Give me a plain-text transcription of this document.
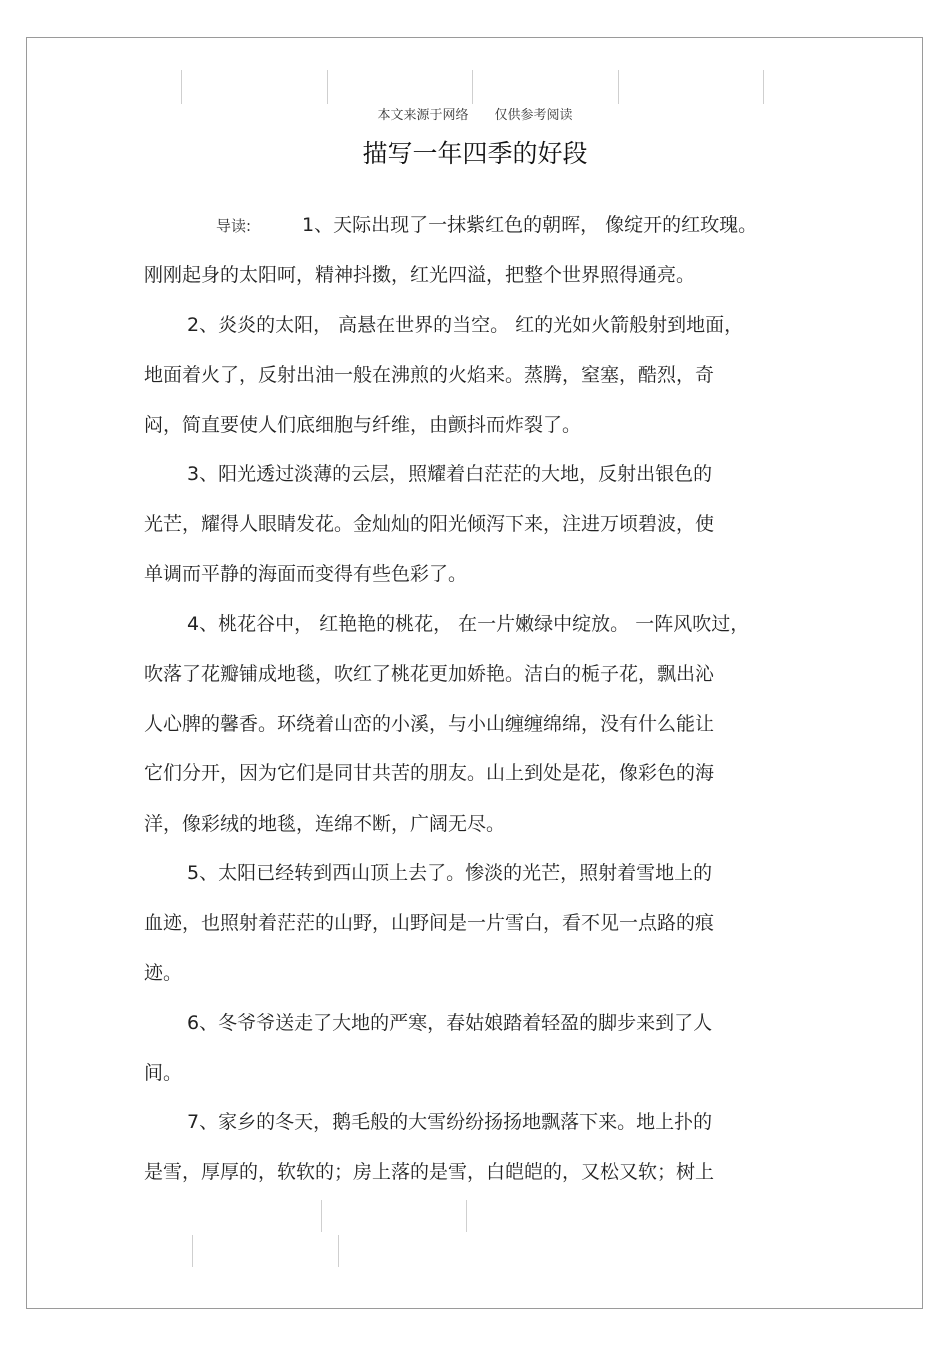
本文来源于网络 仅供参考阅读
描写一年四季的好段
导读:	1、天际出现了一抹紫红色的朝晖， 像绽开的红玫瑰。
刚刚起身的太阳呵，精神抖擞，红光四溢，把整个世界照得通亮。
2、炎炎的太阳， 高悬在世界的当空。 红的光如火箭般射到地面，
地面着火了，反射出油一般在沸煎的火焰来。蒸腾，窒塞，酷烈，奇
闷，简直要使人们底细胞与纤维，由颤抖而炸裂了。
3、阳光透过淡薄的云层，照耀着白茫茫的大地，反射出银色的
光芒，耀得人眼睛发花。金灿灿的阳光倾泻下来，注进万顷碧波，使
单调而平静的海面而变得有些色彩了。
4、桃花谷中， 红艳艳的桃花， 在一片嫩绿中绽放。 一阵风吹过，
吹落了花瓣铺成地毯，吹红了桃花更加娇艳。洁白的栀子花，飘出沁
人心脾的馨香。环绕着山峦的小溪，与小山缠缠绵绵，没有什么能让
它们分开，因为它们是同甘共苦的朋友。山上到处是花，像彩色的海
洋，像彩绒的地毯，连绵不断，广阔无尽。
5、太阳已经转到西山顶上去了。惨淡的光芒，照射着雪地上的
血迹，也照射着茫茫的山野，山野间是一片雪白，看不见一点路的痕
迹。
6、冬爷爷送走了大地的严寒，春姑娘踏着轻盈的脚步来到了人
间。
7、家乡的冬天，鹅毛般的大雪纷纷扬扬地飘落下来。地上扑的
是雪，厚厚的，软软的；房上落的是雪，白皑皑的，又松又软；树上
